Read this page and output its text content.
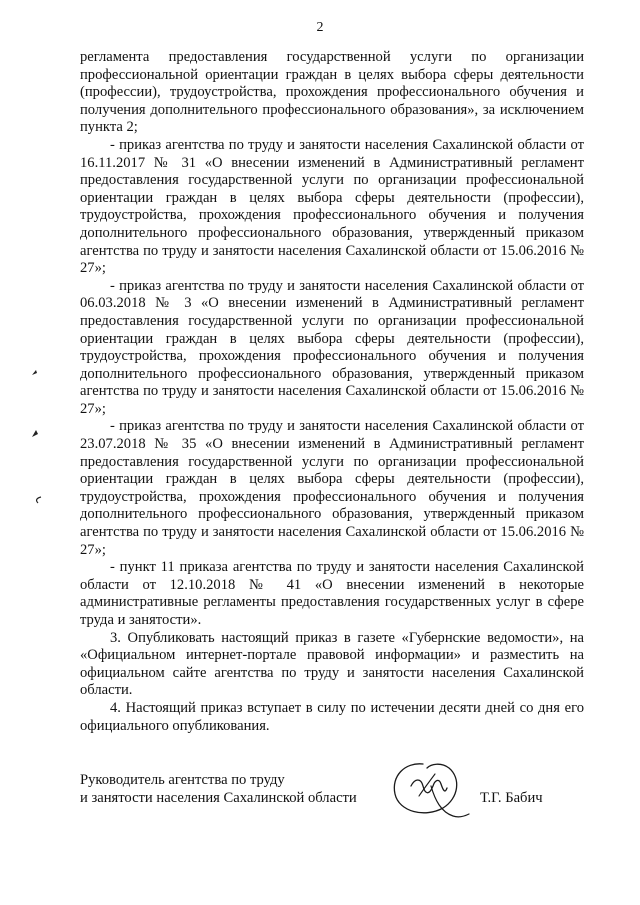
2

регламента предоставления государственной услуги по организации профессиональной ориентации граждан в целях выбора сферы деятельности (профессии), трудоустройства, прохождения профессионального обучения и получения дополнительного профессионального образования», за исключением пункта 2;

- приказ агентства по труду и занятости населения Сахалинской области от 16.11.2017 № 31 «О внесении изменений в Административный регламент предоставления государственной услуги по организации профессиональной ориентации граждан в целях выбора сферы деятельности (профессии), трудоустройства, прохождения профессионального обучения и получения дополнительного профессионального образования, утвержденный приказом агентства по труду и занятости населения Сахалинской области от 15.06.2016 № 27»;

- приказ агентства по труду и занятости населения Сахалинской области от 06.03.2018 № 3 «О внесении изменений в Административный регламент предоставления государственной услуги по организации профессиональной ориентации граждан в целях выбора сферы деятельности (профессии), трудоустройства, прохождения профессионального обучения и получения дополнительного профессионального образования, утвержденный приказом агентства по труду и занятости населения Сахалинской области от 15.06.2016 № 27»;

- приказ агентства по труду и занятости населения Сахалинской области от 23.07.2018 № 35 «О внесении изменений в Административный регламент предоставления государственной услуги по организации профессиональной ориентации граждан в целях выбора сферы деятельности (профессии), трудоустройства, прохождения профессионального обучения и получения дополнительного профессионального образования, утвержденный приказом агентства по труду и занятости населения Сахалинской области от 15.06.2016 № 27»;

- пункт 11 приказа агентства по труду и занятости населения Сахалинской области от 12.10.2018 № 41 «О внесении изменений в некоторые административные регламенты предоставления государственных услуг в сфере труда и занятости».

3. Опубликовать настоящий приказ в газете «Губернские ведомости», на «Официальном интернет-портале правовой информации» и разместить на официальном сайте агентства по труду и занятости населения Сахалинской области.

4. Настоящий приказ вступает в силу по истечении десяти дней со дня его официального опубликования.

Руководитель агентства по труду
и занятости населения Сахалинской области	Т.Г. Бабич
